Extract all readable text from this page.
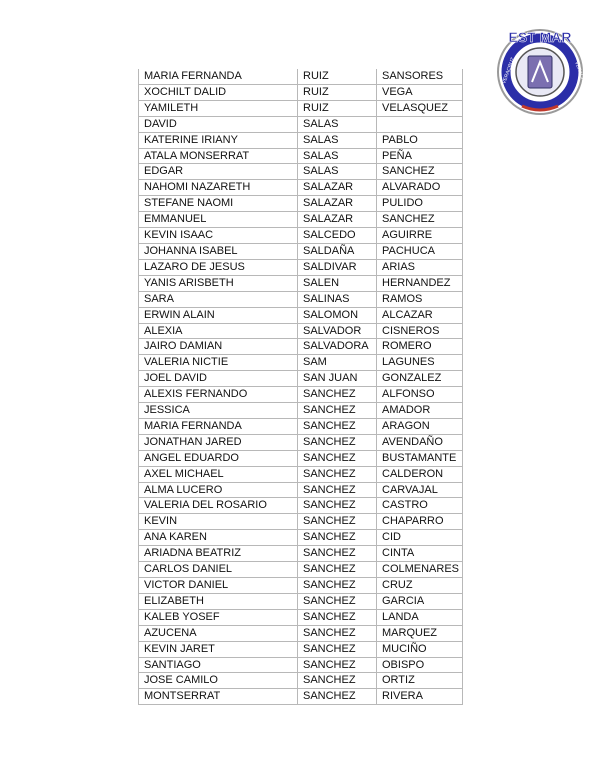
EST MAR
VERACRUZ	VERACRUZ
MARIA FERNANDA	RUIZ	SANSORES
XOCHILT DALID	RUIZ	VEGA
YAMILETH	RUIZ	VELASQUEZ
DAVID	SALAS	
KATERINE IRIANY	SALAS	PABLO
ATALA MONSERRAT	SALAS	PEÑA
EDGAR	SALAS	SANCHEZ
NAHOMI NAZARETH	SALAZAR	ALVARADO
STEFANE NAOMI	SALAZAR	PULIDO
EMMANUEL	SALAZAR	SANCHEZ
KEVIN ISAAC	SALCEDO	AGUIRRE
JOHANNA ISABEL	SALDAÑA	PACHUCA
LAZARO DE JESUS	SALDIVAR	ARIAS
YANIS ARISBETH	SALEN	HERNANDEZ
SARA	SALINAS	RAMOS
ERWIN ALAIN	SALOMON	ALCAZAR
ALEXIA	SALVADOR	CISNEROS
JAIRO DAMIAN	SALVADORA	ROMERO
VALERIA NICTIE	SAM	LAGUNES
JOEL DAVID	SAN JUAN	GONZALEZ
ALEXIS FERNANDO	SANCHEZ	ALFONSO
JESSICA	SANCHEZ	AMADOR
MARIA FERNANDA	SANCHEZ	ARAGON
JONATHAN JARED	SANCHEZ	AVENDAÑO
ANGEL EDUARDO	SANCHEZ	BUSTAMANTE
AXEL MICHAEL	SANCHEZ	CALDERON
ALMA LUCERO	SANCHEZ	CARVAJAL
VALERIA DEL ROSARIO	SANCHEZ	CASTRO
KEVIN	SANCHEZ	CHAPARRO
ANA KAREN	SANCHEZ	CID
ARIADNA BEATRIZ	SANCHEZ	CINTA
CARLOS DANIEL	SANCHEZ	COLMENARES
VICTOR DANIEL	SANCHEZ	CRUZ
ELIZABETH	SANCHEZ	GARCIA
KALEB YOSEF	SANCHEZ	LANDA
AZUCENA	SANCHEZ	MARQUEZ
KEVIN JARET	SANCHEZ	MUCIÑO
SANTIAGO	SANCHEZ	OBISPO
JOSE CAMILO	SANCHEZ	ORTIZ
MONTSERRAT	SANCHEZ	RIVERA
